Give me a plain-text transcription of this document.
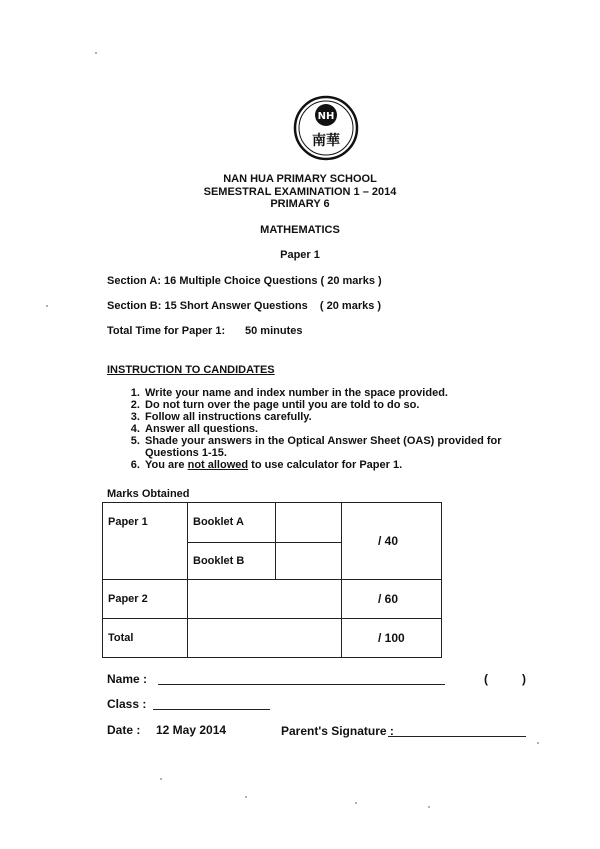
NH
南華
NAN HUA PRIMARY SCHOOL
SEMESTRAL EXAMINATION 1 – 2014
PRIMARY 6
MATHEMATICS
Paper 1
Section A: 16 Multiple Choice Questions ( 20 marks )
Section B: 15 Short Answer Questions    ( 20 marks )
Total Time for Paper 1: 50 minutes
INSTRUCTION TO CANDIDATES
1. Write your name and index number in the space provided.
2. Do not turn over the page until you are told to do so.
3. Follow all instructions carefully.
4. Answer all questions.
5. Shade your answers in the Optical Answer Sheet (OAS) provided for Questions 1-15.
6. You are not allowed to use calculator for Paper 1.
Marks Obtained
Paper 1	Booklet A		/ 40
	Booklet B		
Paper 2			/ 60
Total			/ 100
Name :	(	)
Class :
Date : 12 May 2014	Parent's Signature :
